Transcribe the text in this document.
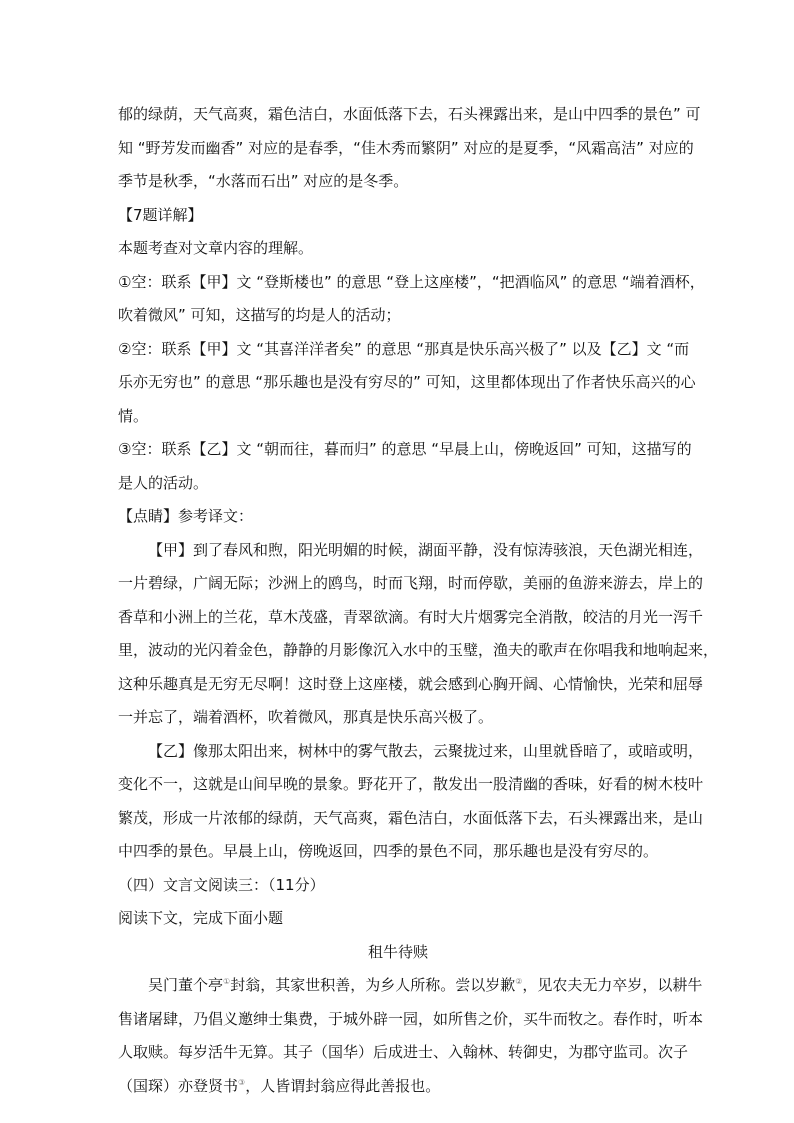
郁的绿荫，天气高爽，霜色洁白，水面低落下去，石头裸露出来，是山中四季的景色” 可

知 “野芳发而幽香” 对应的是春季，“佳木秀而繁阴” 对应的是夏季，“风霜高洁” 对应的

季节是秋季，“水落而石出” 对应的是冬季。

【7题详解】

本题考查对文章内容的理解。

①空：联系【甲】文 “登斯楼也” 的意思 “登上这座楼”，“把酒临风” 的意思 “端着酒杯，

吹着微风” 可知，这描写的均是人的活动；

②空：联系【甲】文 “其喜洋洋者矣” 的意思 “那真是快乐高兴极了” 以及【乙】文 “而

乐亦无穷也” 的意思 “那乐趣也是没有穷尽的” 可知，这里都体现出了作者快乐高兴的心

情。

③空：联系【乙】文 “朝而往，暮而归” 的意思 “早晨上山，傍晚返回” 可知，这描写的

是人的活动。

【点睛】参考译文：

【甲】到了春风和煦，阳光明媚的时候，湖面平静，没有惊涛骇浪，天色湖光相连，

一片碧绿，广阔无际；沙洲上的鸥鸟，时而飞翔，时而停歇，美丽的鱼游来游去，岸上的

香草和小洲上的兰花，草木茂盛，青翠欲滴。有时大片烟雾完全消散，皎洁的月光一泻千

里，波动的光闪着金色，静静的月影像沉入水中的玉璧，渔夫的歌声在你唱我和地响起来，

这种乐趣真是无穷无尽啊！这时登上这座楼，就会感到心胸开阔、心情愉快，光荣和屈辱

一并忘了，端着酒杯，吹着微风，那真是快乐高兴极了。

【乙】像那太阳出来，树林中的雾气散去，云聚拢过来，山里就昏暗了，或暗或明，

变化不一，这就是山间早晚的景象。野花开了，散发出一股清幽的香味，好看的树木枝叶

繁茂，形成一片浓郁的绿荫，天气高爽，霜色洁白，水面低落下去，石头裸露出来，是山

中四季的景色。早晨上山，傍晚返回，四季的景色不同，那乐趣也是没有穷尽的。

（四）文言文阅读三：（11分）

阅读下文，完成下面小题

租牛待赎

吴门董个亭①封翁，其家世积善，为乡人所称。尝以岁歉②，见农夫无力卒岁，以耕牛

售诸屠肆，乃倡义邀绅士集费，于城外辟一园，如所售之价，买牛而牧之。春作时，听本

人取赎。每岁活牛无算。其子（国华）后成进士、入翰林、转御史，为郡守监司。次子

（国琛）亦登贤书③，人皆谓封翁应得此善报也。
